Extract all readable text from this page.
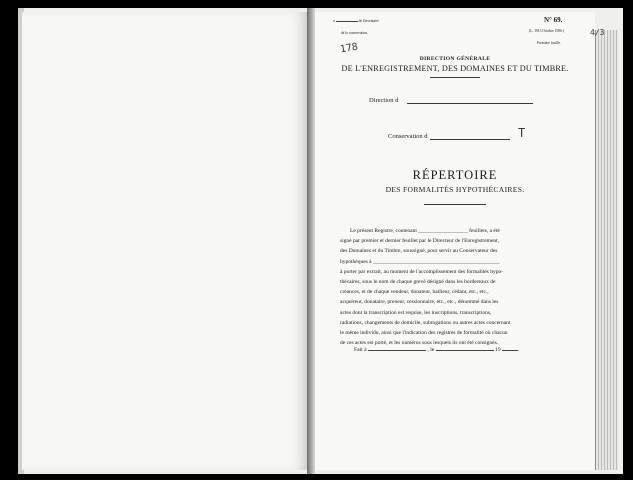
n	de l'inventaire
de la conservation.
178
N° 69.
(L. 1913 Octobre 1906.)
Première feuille.
4/3
DIRECTION GÉNÉRALE
DE L'ENREGISTREMENT, DES DOMAINES ET DU TIMBRE.
Direction d
Conservation d	T
RÉPERTOIRE
DES FORMALITÉS HYPOTHÉCAIRES.
Le présent Registre, contenant __________________ feuillets, a été
signé par premier et dernier feuillet par le Directeur de l'Enregistrement,
des Domaines et du Timbre, soussigné, pour servir au Conservateur des
hypothèques à ______________________________________________
à porter par extrait, au moment de l'accomplissement des formalités hypo-
thécaires, sous le nom de chaque grevé désigné dans les bordereaux de
créances, et de chaque vendeur, donateur, bailleur, cédant, etc., etc.,
acquéreur, donataire, preneur, cessionnaire, etc., etc., dénommé dans les
actes dont la transcription est requise, les inscriptions, transcriptions,
radiations, changements de domicile, subrogations ou autres actes concernant
le même individu, ainsi que l'indication des registres de formalité où chacun
de ces actes est porté, et les numéros sous lesquels ils ont été consignés.
Fait à	, le	19	.
